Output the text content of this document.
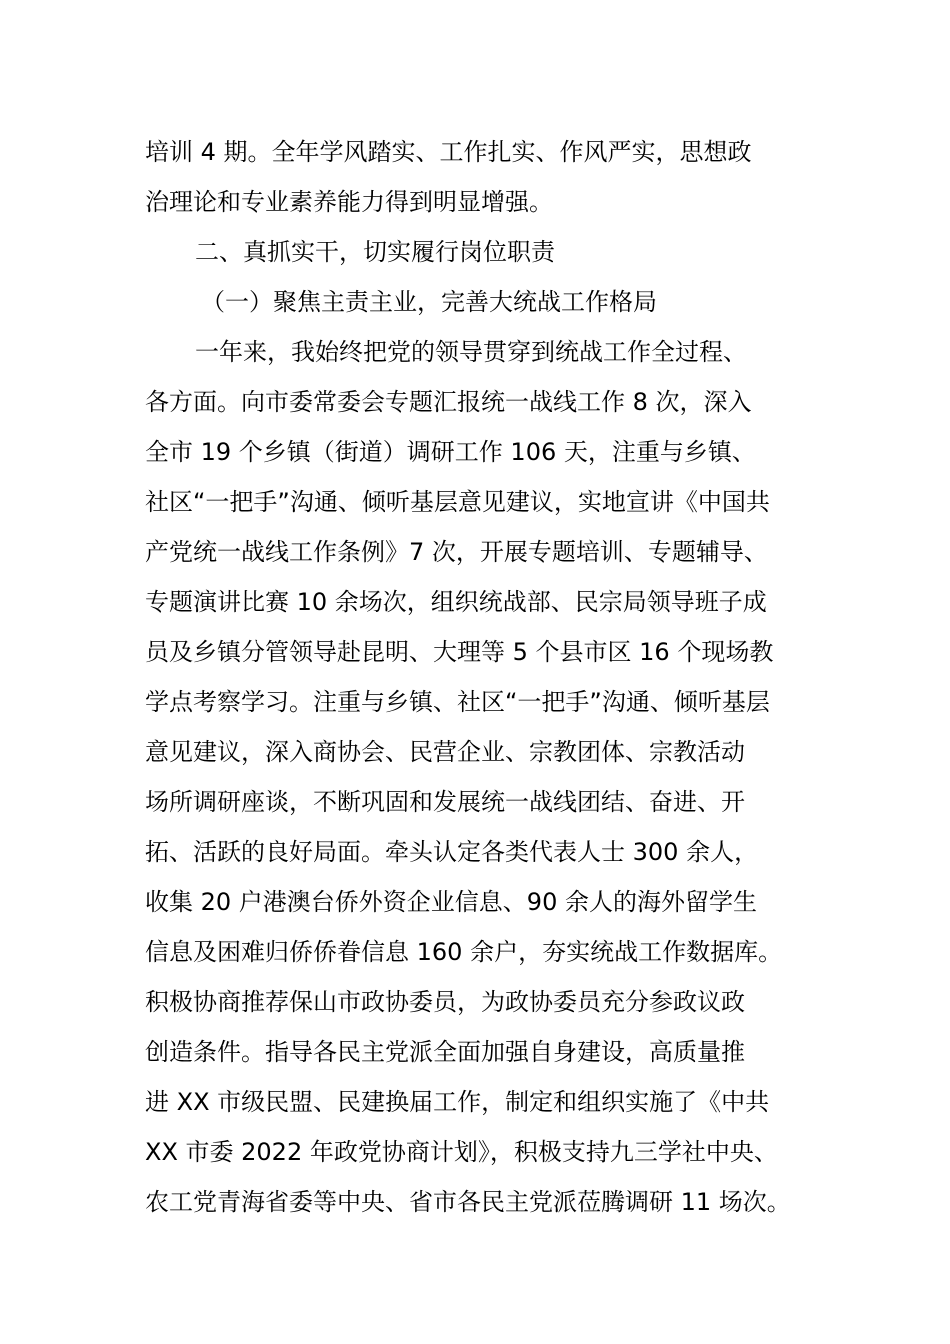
培训 4 期。全年学风踏实、工作扎实、作风严实，思想政
治理论和专业素养能力得到明显增强。
二、真抓实干，切实履行岗位职责
（一）聚焦主责主业，完善大统战工作格局
一年来，我始终把党的领导贯穿到统战工作全过程、
各方面。向市委常委会专题汇报统一战线工作 8 次，深入
全市 19 个乡镇（街道）调研工作 106 天，注重与乡镇、
社区“一把手”沟通、倾听基层意见建议，实地宣讲《中国共
产党统一战线工作条例》7 次，开展专题培训、专题辅导、
专题演讲比赛 10 余场次，组织统战部、民宗局领导班子成
员及乡镇分管领导赴昆明、大理等 5 个县市区 16 个现场教
学点考察学习。注重与乡镇、社区“一把手”沟通、倾听基层
意见建议，深入商协会、民营企业、宗教团体、宗教活动
场所调研座谈，不断巩固和发展统一战线团结、奋进、开
拓、活跃的良好局面。牵头认定各类代表人士 300 余人，
收集 20 户港澳台侨外资企业信息、90 余人的海外留学生
信息及困难归侨侨眷信息 160 余户，夯实统战工作数据库。
积极协商推荐保山市政协委员，为政协委员充分参政议政
创造条件。指导各民主党派全面加强自身建设，高质量推
进 XX 市级民盟、民建换届工作，制定和组织实施了《中共
XX 市委 2022 年政党协商计划》，积极支持九三学社中央、
农工党青海省委等中央、省市各民主党派莅腾调研 11 场次。
